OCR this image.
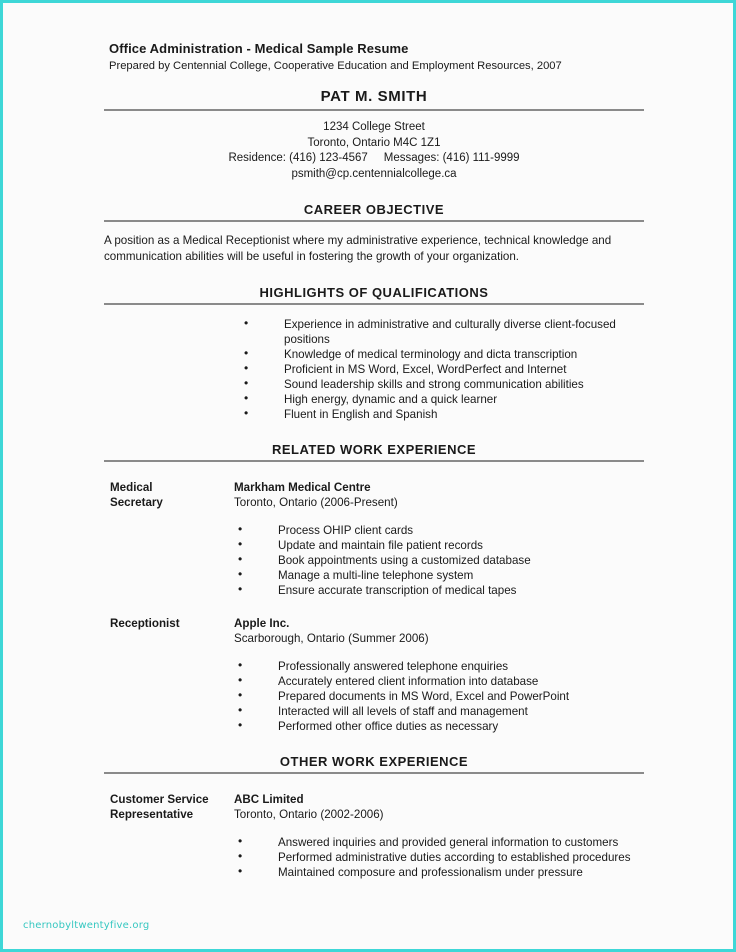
Office Administration - Medical Sample Resume
Prepared by Centennial College, Cooperative Education and Employment Resources, 2007
PAT M. SMITH
1234 College Street
Toronto, Ontario M4C 1Z1
Residence: (416) 123-4567     Messages: (416) 111-9999
psmith@cp.centennialcollege.ca
CAREER OBJECTIVE

A position as a Medical Receptionist where my administrative experience, technical knowledge and communication abilities will be useful in fostering the growth of your organization.

HIGHLIGHTS OF QUALIFICATIONS
• Experience in administrative and culturally diverse client-focused positions
• Knowledge of medical terminology and dicta transcription
• Proficient in MS Word, Excel, WordPerfect and Internet
• Sound leadership skills and strong communication abilities
• High energy, dynamic and a quick learner
• Fluent in English and Spanish
RELATED WORK EXPERIENCE
Medical
Secretary
Markham Medical Centre
Toronto, Ontario (2006-Present)
• Process OHIP client cards
• Update and maintain file patient records
• Book appointments using a customized database
• Manage a multi-line telephone system
• Ensure accurate transcription of medical tapes
Receptionist	Apple Inc.
Scarborough, Ontario (Summer 2006)
• Professionally answered telephone enquiries
• Accurately entered client information into database
• Prepared documents in MS Word, Excel and PowerPoint
• Interacted will all levels of staff and management
• Performed other office duties as necessary
OTHER WORK EXPERIENCE
Customer Service
Representative
ABC Limited
Toronto, Ontario (2002-2006)
• Answered inquiries and provided general information to customers
• Performed administrative duties according to established procedures
• Maintained composure and professionalism under pressure
chernobyltwentyfive.org
